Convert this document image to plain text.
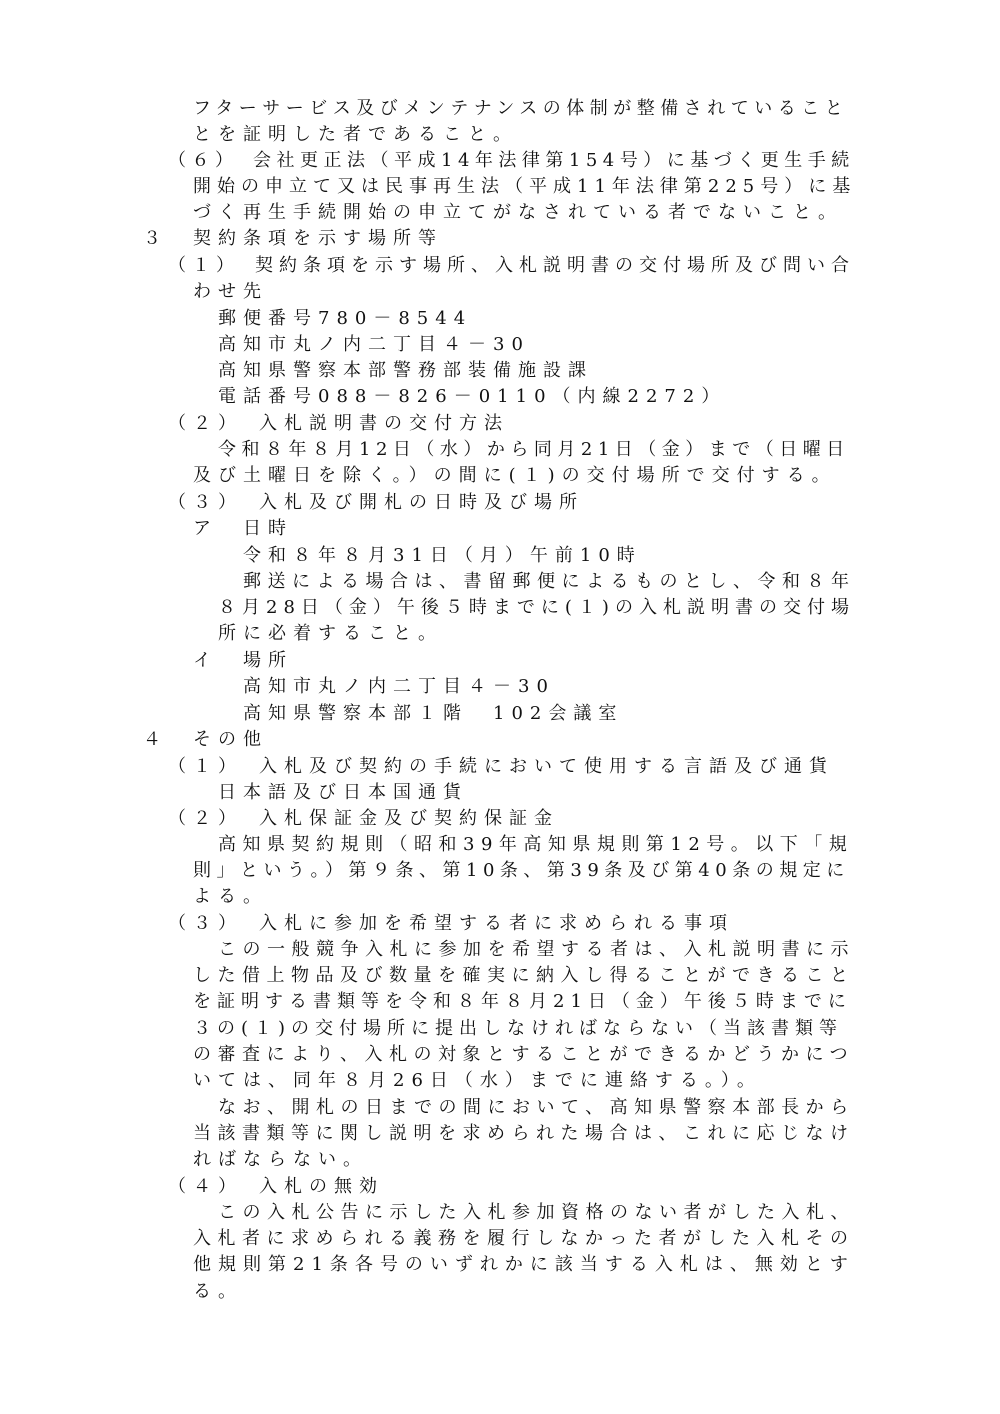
フターサービス及びメンテナンスの体制が整備されていること
とを証明した者であること。
（６）　会社更正法（平成14年法律第154号）に基づく更生手続
開始の申立て又は民事再生法（平成11年法律第225号）に基
づく再生手続開始の申立てがなされている者でないこと。
３　契約条項を示す場所等
（１）　契約条項を示す場所、入札説明書の交付場所及び問い合
わせ先
郵便番号780－8544
高知市丸ノ内二丁目４－30
高知県警察本部警務部装備施設課
電話番号088－826－0110（内線2272）
（２）　入札説明書の交付方法
令和８年８月12日（水）から同月21日（金）まで（日曜日
及び土曜日を除く。）の間に(１)の交付場所で交付する。
（３）　入札及び開札の日時及び場所
ア　日時
令和８年８月31日（月）午前10時
郵送による場合は、書留郵便によるものとし、令和８年
８月28日（金）午後５時までに(１)の入札説明書の交付場
所に必着すること。
イ　場所
高知市丸ノ内二丁目４－30
高知県警察本部１階　102会議室
４　その他
（１）　入札及び契約の手続において使用する言語及び通貨
日本語及び日本国通貨
（２）　入札保証金及び契約保証金
高知県契約規則（昭和39年高知県規則第12号。以下「規
則」という。）第９条、第10条、第39条及び第40条の規定に
よる。
（３）　入札に参加を希望する者に求められる事項
この一般競争入札に参加を希望する者は、入札説明書に示
した借上物品及び数量を確実に納入し得ることができること
を証明する書類等を令和８年８月21日（金）午後５時までに
３の(１)の交付場所に提出しなければならない（当該書類等
の審査により、入札の対象とすることができるかどうかにつ
いては、同年８月26日（水）までに連絡する。）。
なお、開札の日までの間において、高知県警察本部長から
当該書類等に関し説明を求められた場合は、これに応じなけ
ればならない。
（４）　入札の無効
この入札公告に示した入札参加資格のない者がした入札、
入札者に求められる義務を履行しなかった者がした入札その
他規則第21条各号のいずれかに該当する入札は、無効とす
る。
